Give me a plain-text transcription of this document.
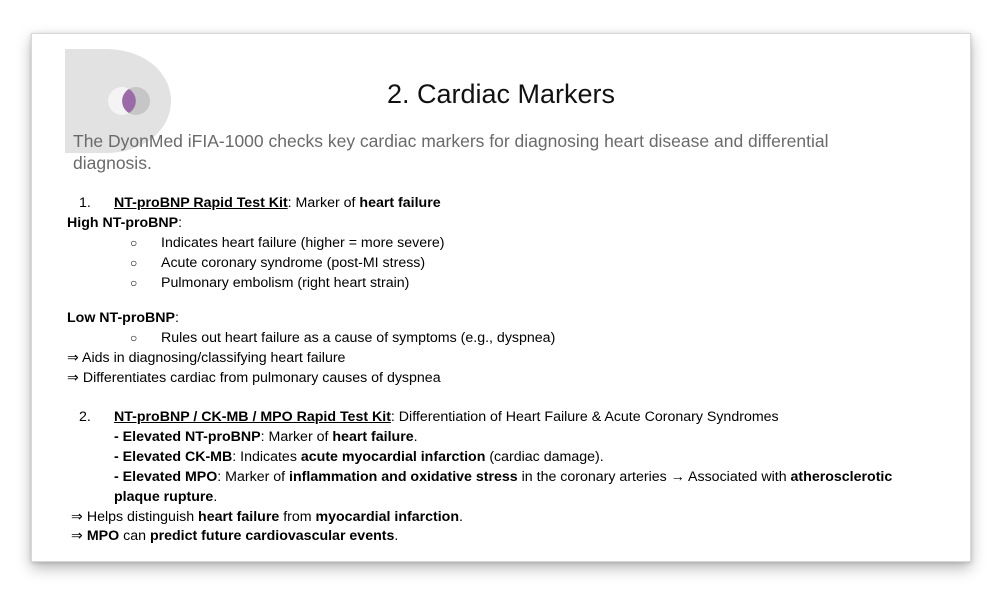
2. Cardiac Markers
The DyonMed iFIA-1000 checks key cardiac markers for diagnosing heart disease and differential diagnosis.
1. NT-proBNP Rapid Test Kit: Marker of heart failure
High NT-proBNP:
○ Indicates heart failure (higher = more severe)
○ Acute coronary syndrome (post-MI stress)
○ Pulmonary embolism (right heart strain)
Low NT-proBNP:
○ Rules out heart failure as a cause of symptoms (e.g., dyspnea)
⇒ Aids in diagnosing/classifying heart failure
⇒ Differentiates cardiac from pulmonary causes of dyspnea
2. NT-proBNP / CK-MB / MPO Rapid Test Kit: Differentiation of Heart Failure & Acute Coronary Syndromes
- Elevated NT-proBNP: Marker of heart failure.
- Elevated CK-MB: Indicates acute myocardial infarction (cardiac damage).
- Elevated MPO: Marker of inflammation and oxidative stress in the coronary arteries → Associated with atherosclerotic
plaque rupture.
⇒ Helps distinguish heart failure from myocardial infarction.
⇒ MPO can predict future cardiovascular events.
